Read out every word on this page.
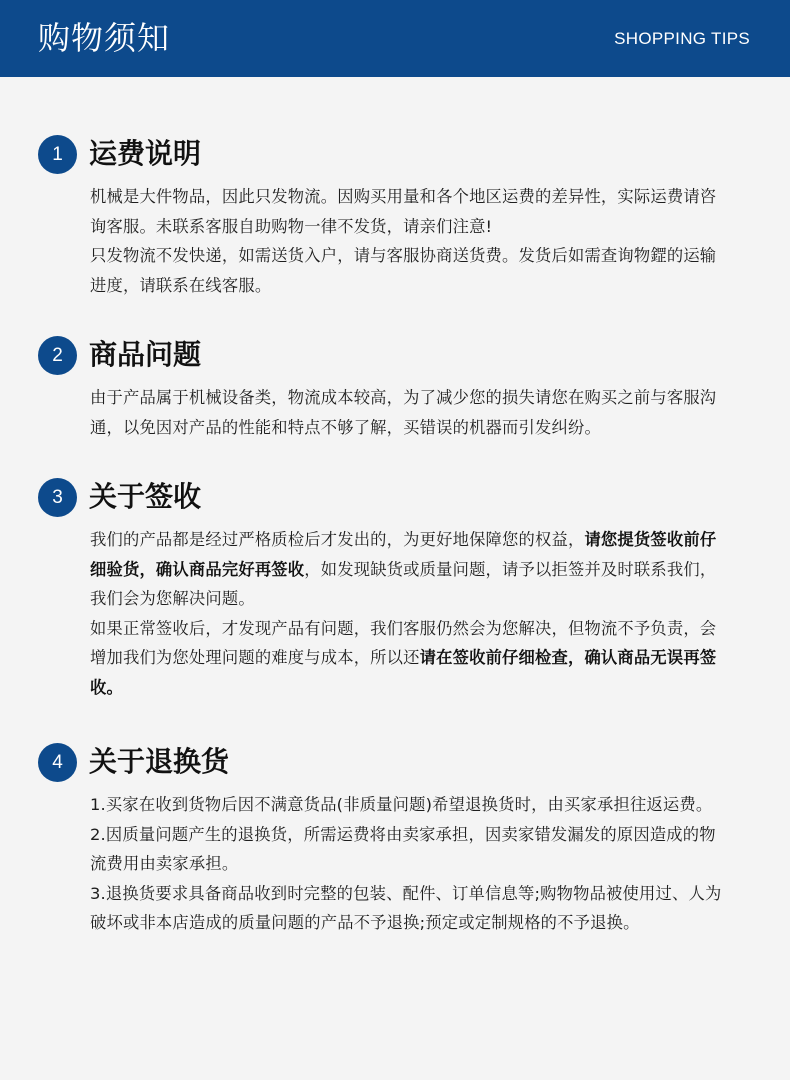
购物须知	SHOPPING TIPS
1 运费说明

机械是大件物品，因此只发物流。因购买用量和各个地区运费的差异性，实际运费请咨询客服。未联系客服自助购物一律不发货，请亲们注意!

只发物流不发快递，如需送货入户，请与客服协商送货费。发货后如需查询物鎠的运输进度，请联系在线客服。

2 商品问题

由于产品属于机械设备类，物流成本较高，为了减少您的损失请您在购买之前与客服沟通，以免因对产品的性能和特点不够了解，买错误的机器而引发纠纷。

3 关于签收

我们的产品都是经过严格质检后才发出的，为更好地保障您的权益，请您提货签收前仔细验货，确认商品完好再签收，如发现缺货或质量问题，请予以拒签并及时联系我们，我们会为您解决问题。

如果正常签收后，才发现产品有问题，我们客服仍然会为您解决，但物流不予负责，会增加我们为您处理问题的难度与成本，所以还请在签收前仔细检查，确认商品无误再签收。

4 关于退换货

1.买家在收到货物后因不满意货品(非质量问题)希望退换货时，由买家承担往返运费。

2.因质量问题产生的退换货，所需运费将由卖家承担，因卖家错发漏发的原因造成的物流费用由卖家承担。

3.退换货要求具备商品收到时完整的包装、配件、订单信息等;购物物品被使用过、人为破坏或非本店造成的质量问题的产品不予退换;预定或定制规格的不予退换。
